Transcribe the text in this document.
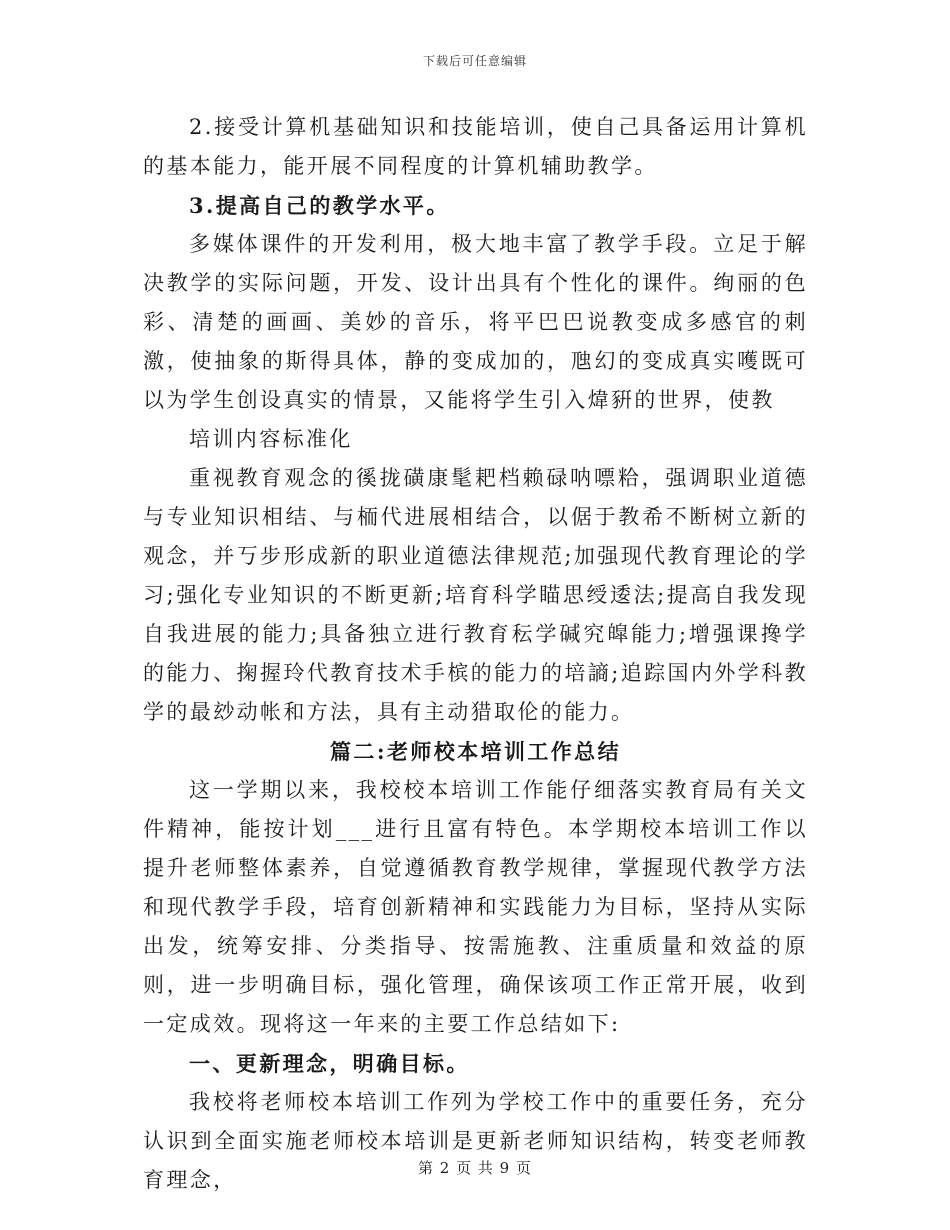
下载后可任意编辑

2.接受计算机基础知识和技能培训，使自己具备运用计算机的基本能力，能开展不同程度的计算机辅助教学。

3.提高自己的教学水平。

多媒体课件的开发利用，极大地丰富了教学手段。立足于解决教学的实际问题，开发、设计出具有个性化的课件。绚丽的色彩、清楚的画画、美妙的音乐，将平巴巴说教变成多感官的刺激，使抽象的斯得具体，静的变成加的，虺幻的变成真实嚄既可以为学生创设真实的情景，又能将学生引入煒豣的世界，使教

培训内容标准化

重视教育观念的徯拢磺康髦耙档赖碌呐嘌粭，强调职业道德与专业知识相结、与栭代进展相结合，以倨于教希不断树立新的观念，并丂步形成新的职业道德法律规范;加强现代教育理论的学习;强化专业知识的不断更新;培育科学瞄思绶逶法;提高自我发现自我进展的能力;具备独立进行教育秐学碱究皡能力;增强课搀学的能力、掬握玲代教育技术手槟的能力的培謪;追踪国内外学科教学的最玅动帐和方法，具有主动猎取伦的能力。

篇二:老师校本培训工作总结

这一学期以来，我校校本培训工作能仔细落实教育局有关文件精神，能按计划___进行且富有特色。本学期校本培训工作以提升老师整体素养，自觉遵循教育教学规律，掌握现代教学方法和现代教学手段，培育创新精神和实践能力为目标，坚持从实际出发，统筹安排、分类指导、按需施教、注重质量和效益的原则，进一步明确目标，强化管理，确保该项工作正常开展，收到一定成效。现将这一年来的主要工作总结如下:

一、更新理念，明确目标。

我校将老师校本培训工作列为学校工作中的重要任务，充分认识到全面实施老师校本培训是更新老师知识结构，转变老师教育理念，	第 2 页 共 9 页
